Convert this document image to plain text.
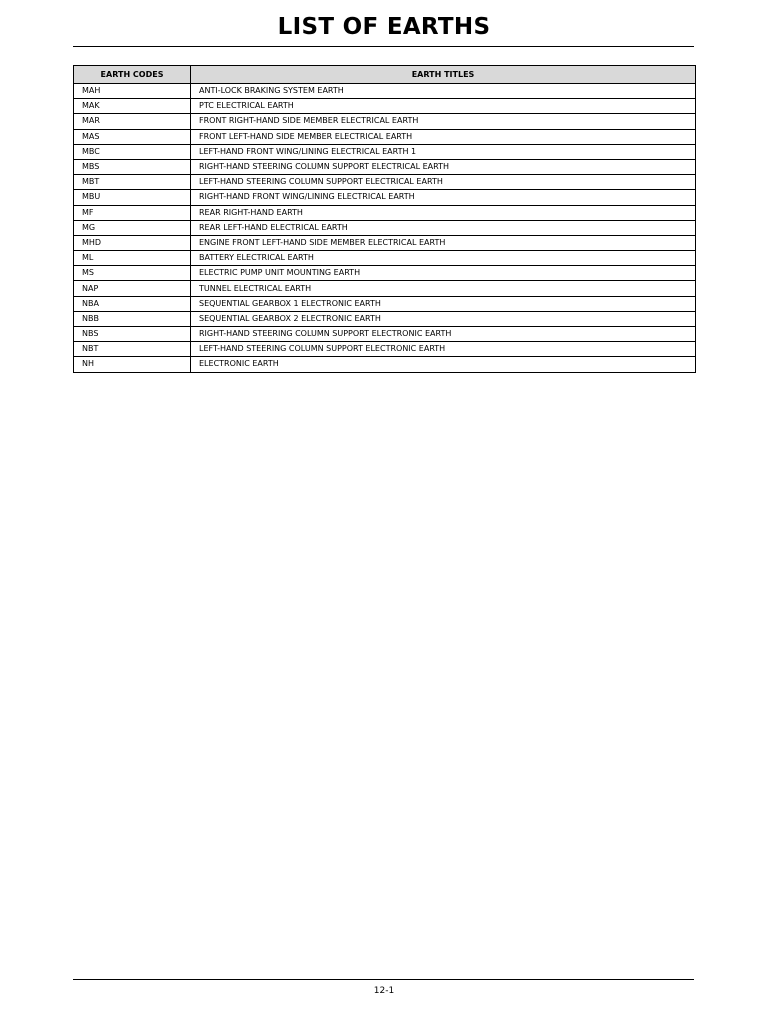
LIST OF EARTHS
EARTH CODES	EARTH TITLES
MAH	ANTI-LOCK BRAKING SYSTEM EARTH
MAK	PTC ELECTRICAL EARTH
MAR	FRONT RIGHT-HAND SIDE MEMBER ELECTRICAL EARTH
MAS	FRONT LEFT-HAND SIDE MEMBER ELECTRICAL EARTH
MBC	LEFT-HAND FRONT WING/LINING ELECTRICAL EARTH 1
MBS	RIGHT-HAND STEERING COLUMN SUPPORT ELECTRICAL EARTH
MBT	LEFT-HAND STEERING COLUMN SUPPORT ELECTRICAL EARTH
MBU	RIGHT-HAND FRONT WING/LINING ELECTRICAL EARTH
MF	REAR RIGHT-HAND EARTH
MG	REAR LEFT-HAND ELECTRICAL EARTH
MHD	ENGINE FRONT LEFT-HAND SIDE MEMBER ELECTRICAL EARTH
ML	BATTERY ELECTRICAL EARTH
MS	ELECTRIC PUMP UNIT MOUNTING EARTH
NAP	TUNNEL ELECTRICAL EARTH
NBA	SEQUENTIAL GEARBOX 1 ELECTRONIC EARTH
NBB	SEQUENTIAL GEARBOX 2 ELECTRONIC EARTH
NBS	RIGHT-HAND STEERING COLUMN SUPPORT ELECTRONIC EARTH
NBT	LEFT-HAND STEERING COLUMN SUPPORT ELECTRONIC EARTH
NH	ELECTRONIC EARTH
12-1
